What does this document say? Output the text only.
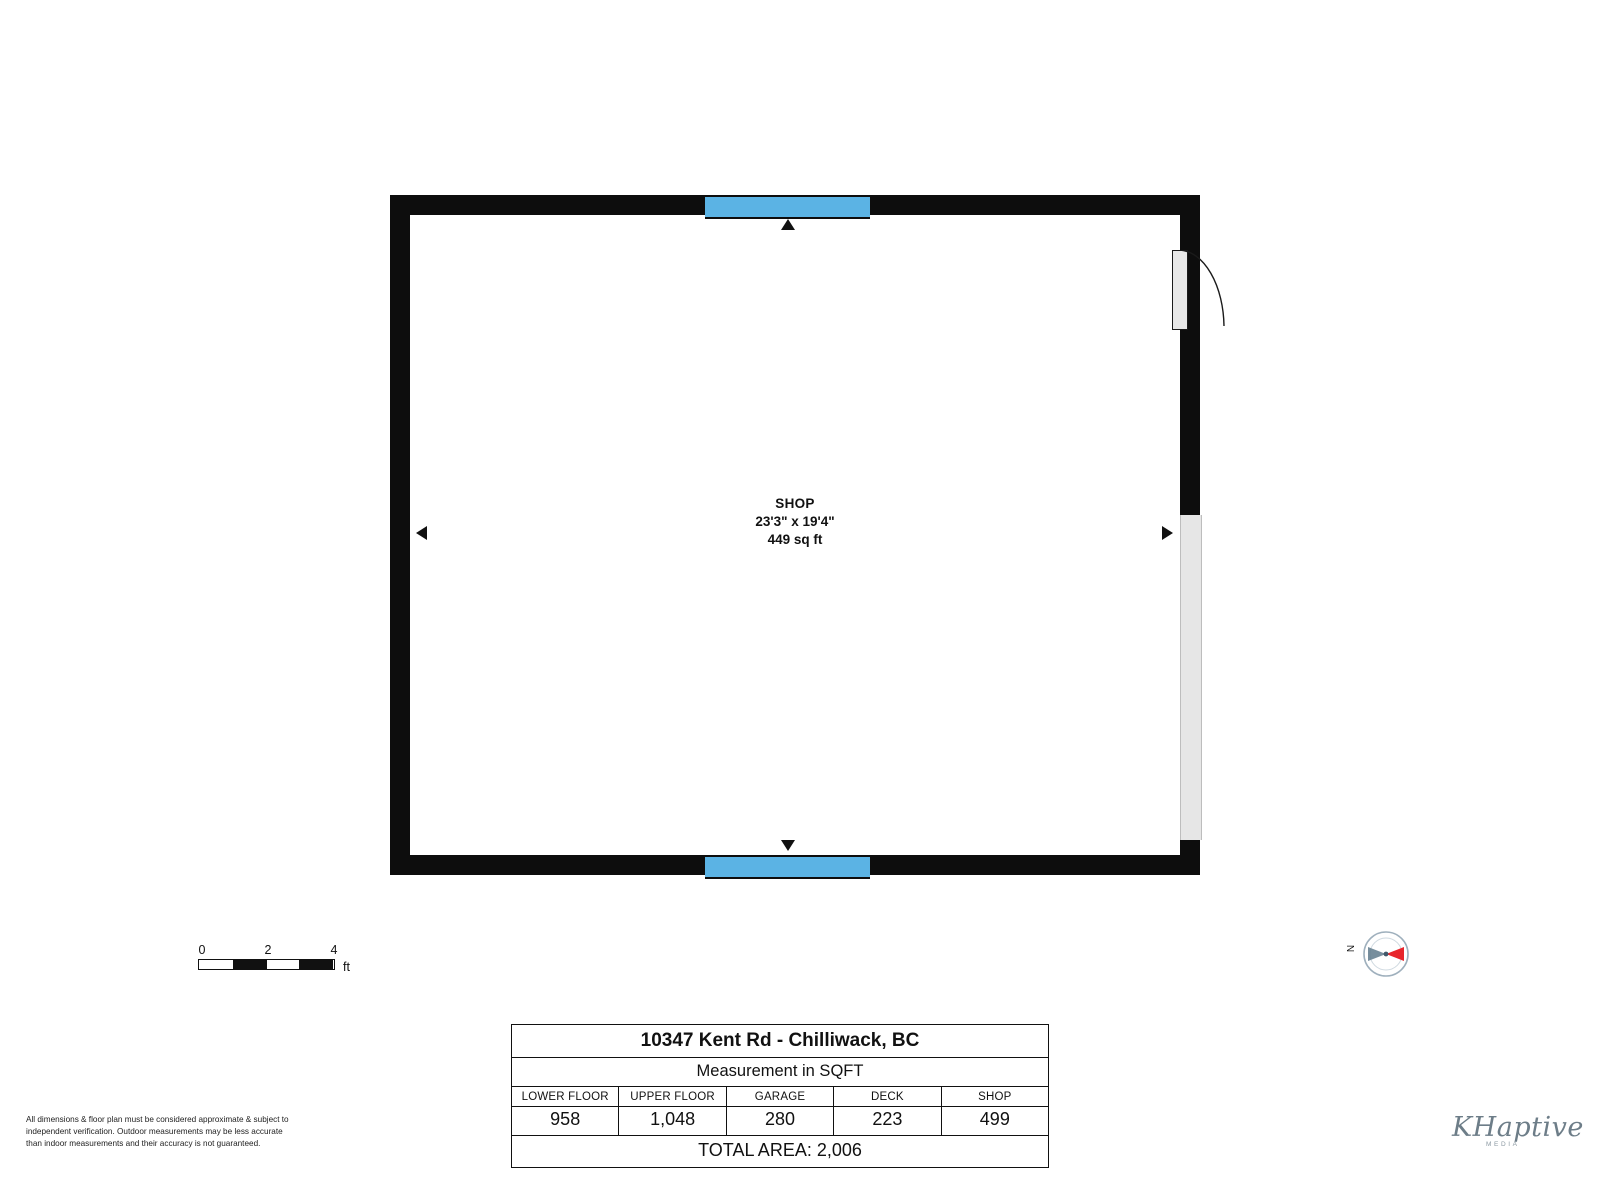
SHOP
23'3" x 19'4"
449 sq ft
0	2	4
ft
N
10347 Kent Rd - Chilliwack, BC
Measurement in SQFT
LOWER FLOOR	UPPER FLOOR	GARAGE	DECK	SHOP
958	1,048	280	223	499
TOTAL AREA: 2,006
All dimensions & floor plan must be considered approximate & subject to independent verification. Outdoor measurements may be less accurate than indoor measurements and their accuracy is not guaranteed.
KHaptive
MEDIA
